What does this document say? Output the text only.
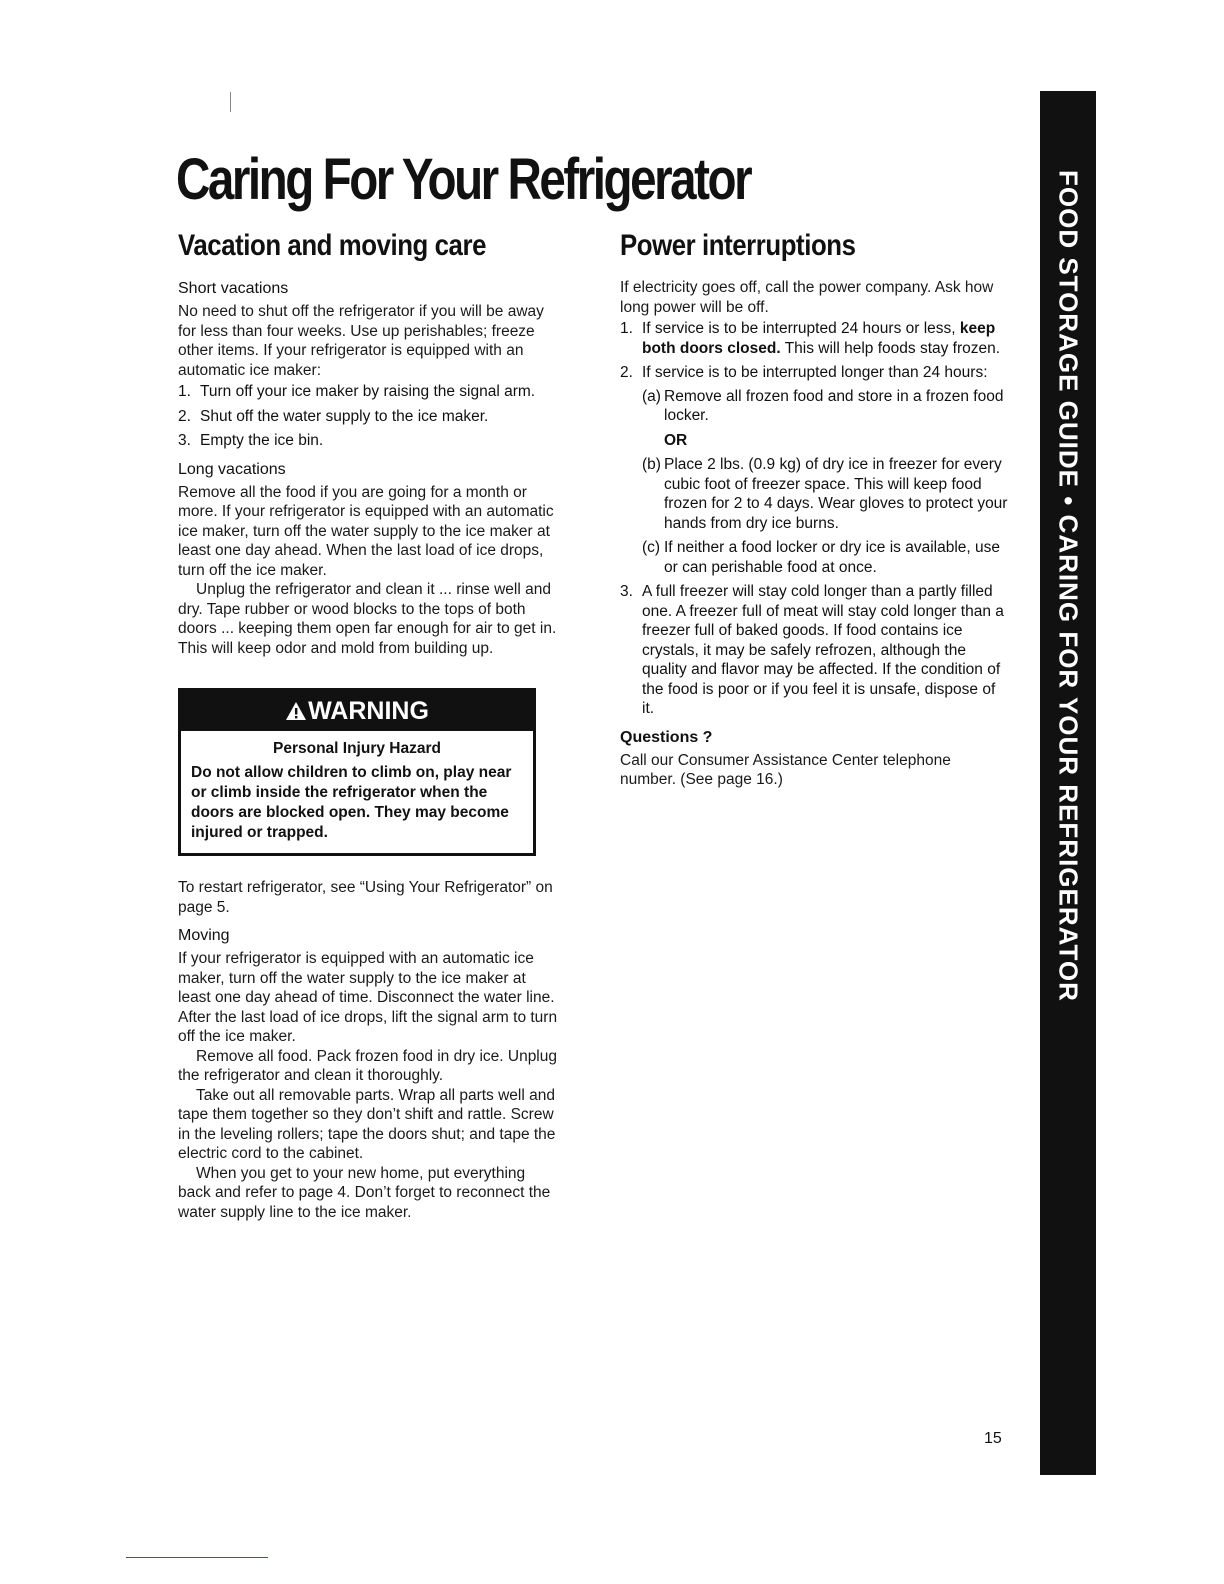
Caring For Your Refrigerator
Vacation and moving care
Short vacations

No need to shut off the refrigerator if you will be away for less than four weeks. Use up perishables; freeze other items. If your refrigerator is equipped with an automatic ice maker:

1. Turn off your ice maker by raising the signal arm.
2. Shut off the water supply to the ice maker.
3. Empty the ice bin.
Long vacations

Remove all the food if you are going for a month or more. If your refrigerator is equipped with an automatic ice maker, turn off the water supply to the ice maker at least one day ahead. When the last load of ice drops, turn off the ice maker.

Unplug the refrigerator and clean it ... rinse well and dry. Tape rubber or wood blocks to the tops of both doors ... keeping them open far enough for air to get in. This will keep odor and mold from building up.

WARNING
Personal Injury Hazard
Do not allow children to climb on, play near or climb inside the refrigerator when the doors are blocked open. They may become injured or trapped.

To restart refrigerator, see “Using Your Refrigerator” on page 5.

Moving

If your refrigerator is equipped with an automatic ice maker, turn off the water supply to the ice maker at least one day ahead of time. Disconnect the water line. After the last load of ice drops, lift the signal arm to turn off the ice maker.

Remove all food. Pack frozen food in dry ice. Unplug the refrigerator and clean it thoroughly.

Take out all removable parts. Wrap all parts well and tape them together so they don’t shift and rattle. Screw in the leveling rollers; tape the doors shut; and tape the electric cord to the cabinet.

When you get to your new home, put everything back and refer to page 4. Don’t forget to reconnect the water supply line to the ice maker.

Power interruptions

If electricity goes off, call the power company. Ask how long power will be off.

1. If service is to be interrupted 24 hours or less, keep both doors closed. This will help foods stay frozen.
2. If service is to be interrupted longer than 24 hours:
(a) Remove all frozen food and store in a frozen food locker.
OR
(b) Place 2 lbs. (0.9 kg) of dry ice in freezer for every cubic foot of freezer space. This will keep food frozen for 2 to 4 days. Wear gloves to protect your hands from dry ice burns.
(c) If neither a food locker or dry ice is available, use or can perishable food at once.
3. A full freezer will stay cold longer than a partly filled one. A freezer full of meat will stay cold longer than a freezer full of baked goods. If food contains ice crystals, it may be safely refrozen, although the quality and flavor may be affected. If the condition of the food is poor or if you feel it is unsafe, dispose of it.
Questions ?

Call our Consumer Assistance Center telephone number. (See page 16.)	FOOD STORAGE GUIDE • CARING FOR YOUR REFRIGERATOR
15
